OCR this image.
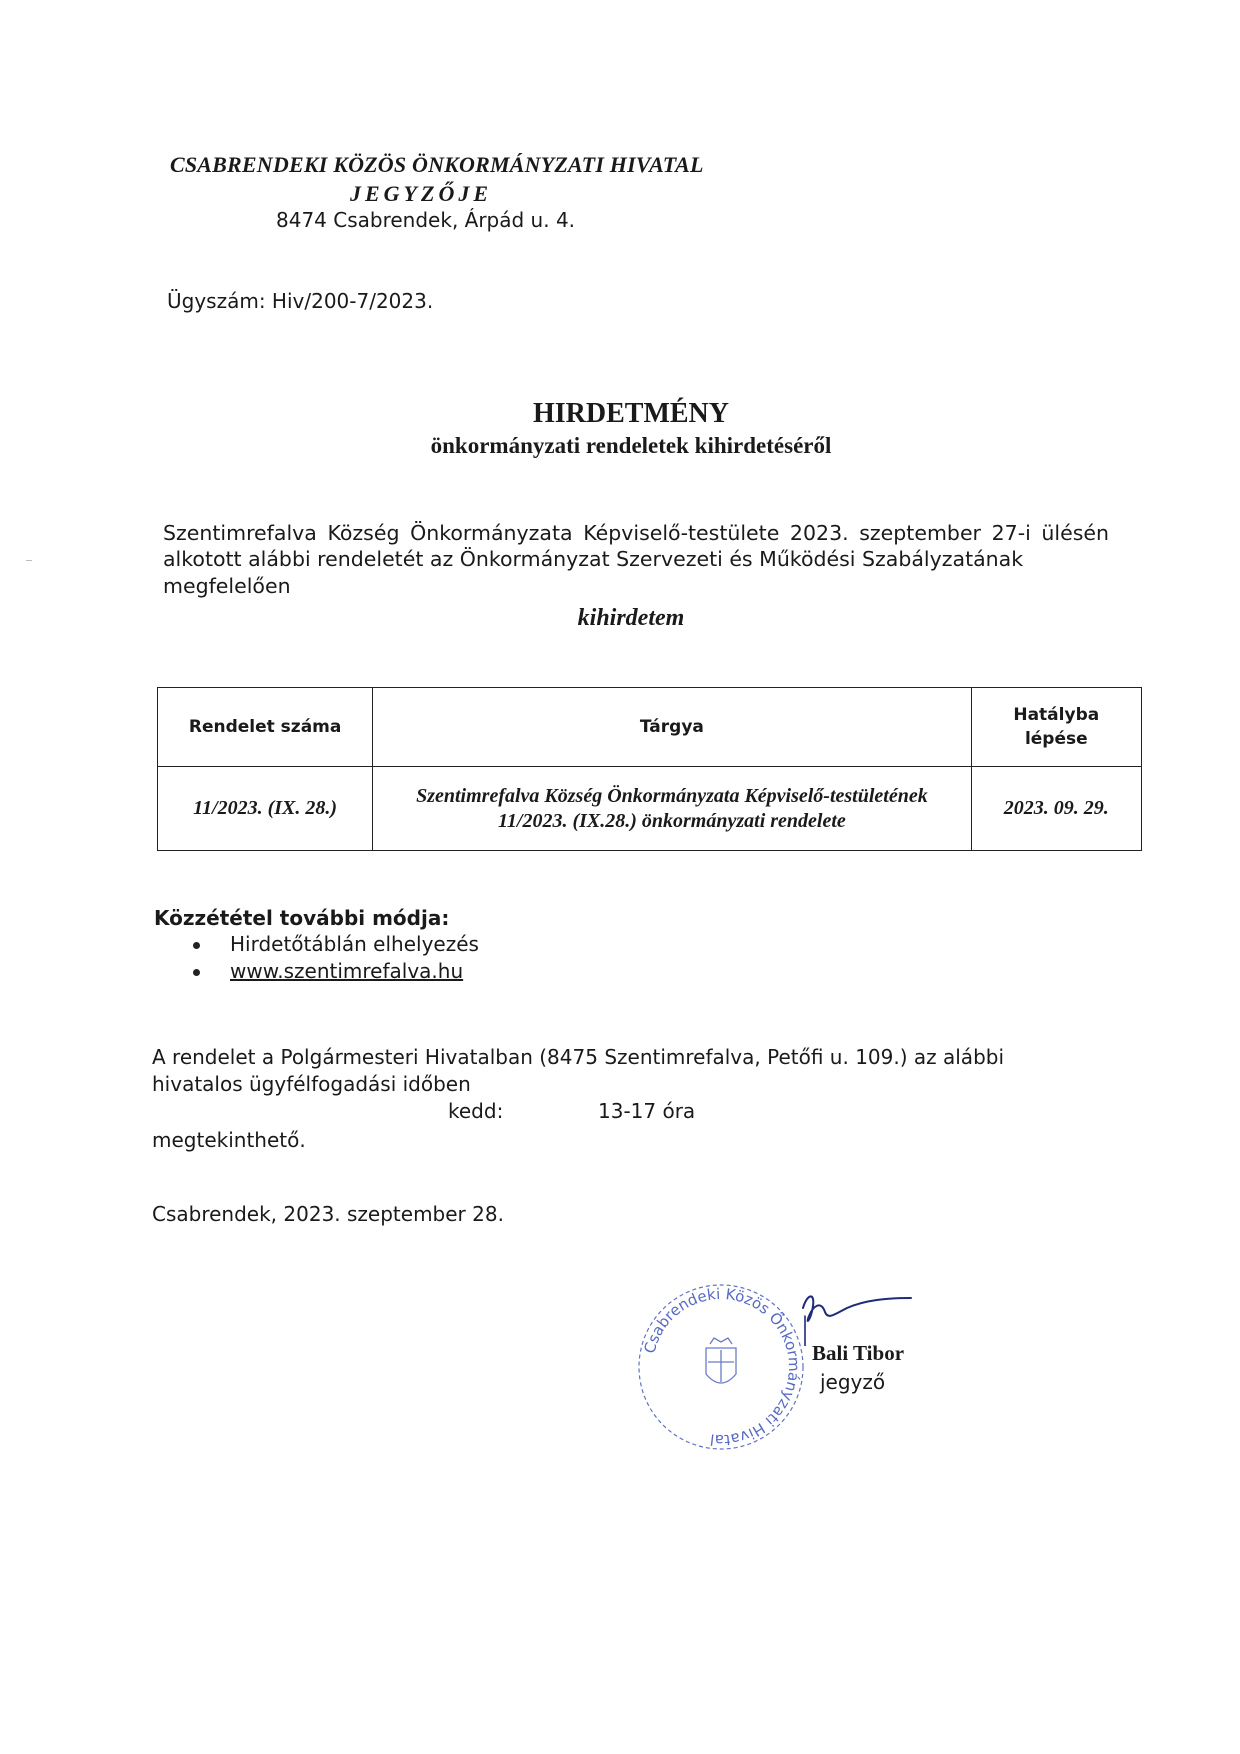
CSABRENDEKI KÖZÖS ÖNKORMÁNYZATI HIVATAL
JEGYZŐJE
8474 Csabrendek, Árpád u. 4.
Ügyszám: Hiv/200-7/2023.
HIRDETMÉNY
önkormányzati rendeletek kihirdetéséről
Szentimrefalva Község Önkormányzata Képviselő-testülete 2023. szeptember 27-i ülésén alkotott alábbi rendeletét az Önkormányzat Szervezeti és Működési Szabályzatának
megfelelően
kihirdetem
Rendelet száma	Tárgya	Hatályba lépése
11/2023. (IX. 28.)	Szentimrefalva Község Önkormányzata Képviselő-testületének 11/2023. (IX.28.) önkormányzati rendelete	2023. 09. 29.
Közzététel további módja:
Hirdetőtáblán elhelyezés
www.szentimrefalva.hu
A rendelet a Polgármesteri Hivatalban (8475 Szentimrefalva, Petőfi u. 109.) az alábbi hivatalos ügyfélfogadási időben
kedd:	13-17 óra
megtekinthető.
Csabrendek, 2023. szeptember 28.
Csabrendeki Közös Önkormányzati Hivatal
Bali Tibor
jegyző
